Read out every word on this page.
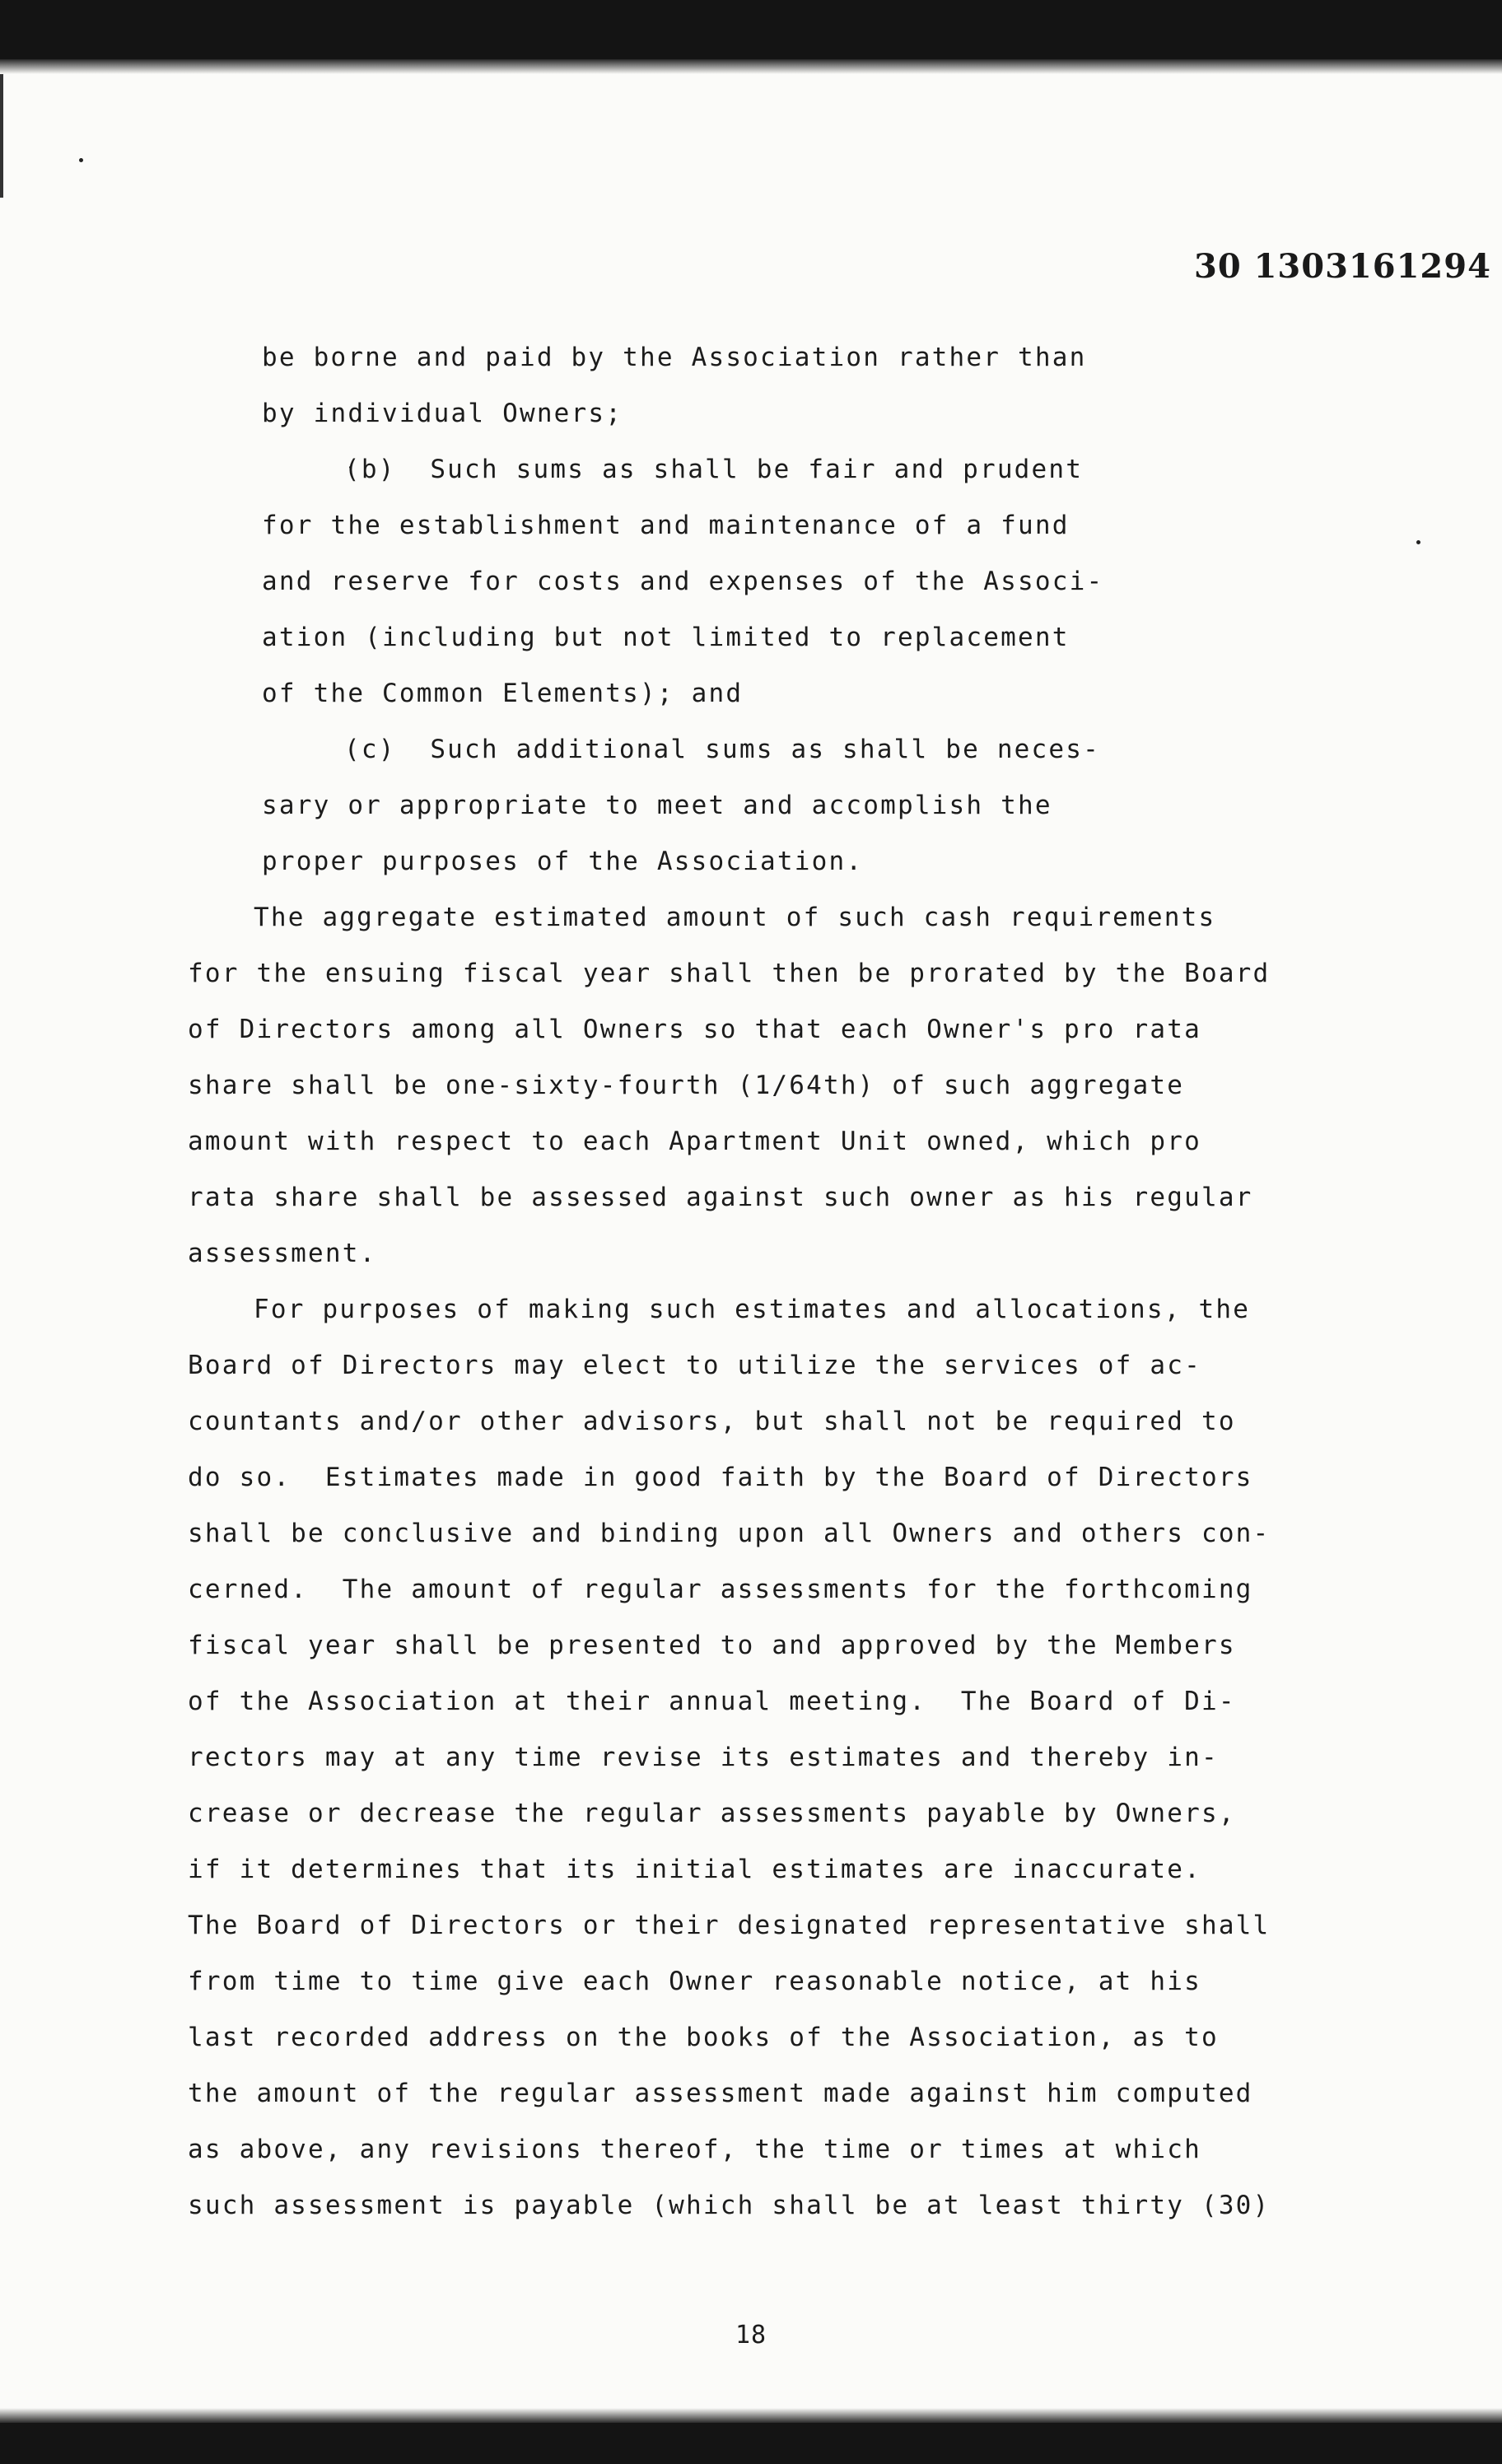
30 1303161294
be borne and paid by the Association rather than
by individual Owners;
(b)  Such sums as shall be fair and prudent
for the establishment and maintenance of a fund
and reserve for costs and expenses of the Associ-
ation (including but not limited to replacement
of the Common Elements); and
(c)  Such additional sums as shall be neces-
sary or appropriate to meet and accomplish the
proper purposes of the Association.
The aggregate estimated amount of such cash requirements
for the ensuing fiscal year shall then be prorated by the Board
of Directors among all Owners so that each Owner's pro rata
share shall be one-sixty-fourth (1/64th) of such aggregate
amount with respect to each Apartment Unit owned, which pro
rata share shall be assessed against such owner as his regular
assessment.
For purposes of making such estimates and allocations, the
Board of Directors may elect to utilize the services of ac-
countants and/or other advisors, but shall not be required to
do so.  Estimates made in good faith by the Board of Directors
shall be conclusive and binding upon all Owners and others con-
cerned.  The amount of regular assessments for the forthcoming
fiscal year shall be presented to and approved by the Members
of the Association at their annual meeting.  The Board of Di-
rectors may at any time revise its estimates and thereby in-
crease or decrease the regular assessments payable by Owners,
if it determines that its initial estimates are inaccurate.
The Board of Directors or their designated representative shall
from time to time give each Owner reasonable notice, at his
last recorded address on the books of the Association, as to
the amount of the regular assessment made against him computed
as above, any revisions thereof, the time or times at which
such assessment is payable (which shall be at least thirty (30)
18
